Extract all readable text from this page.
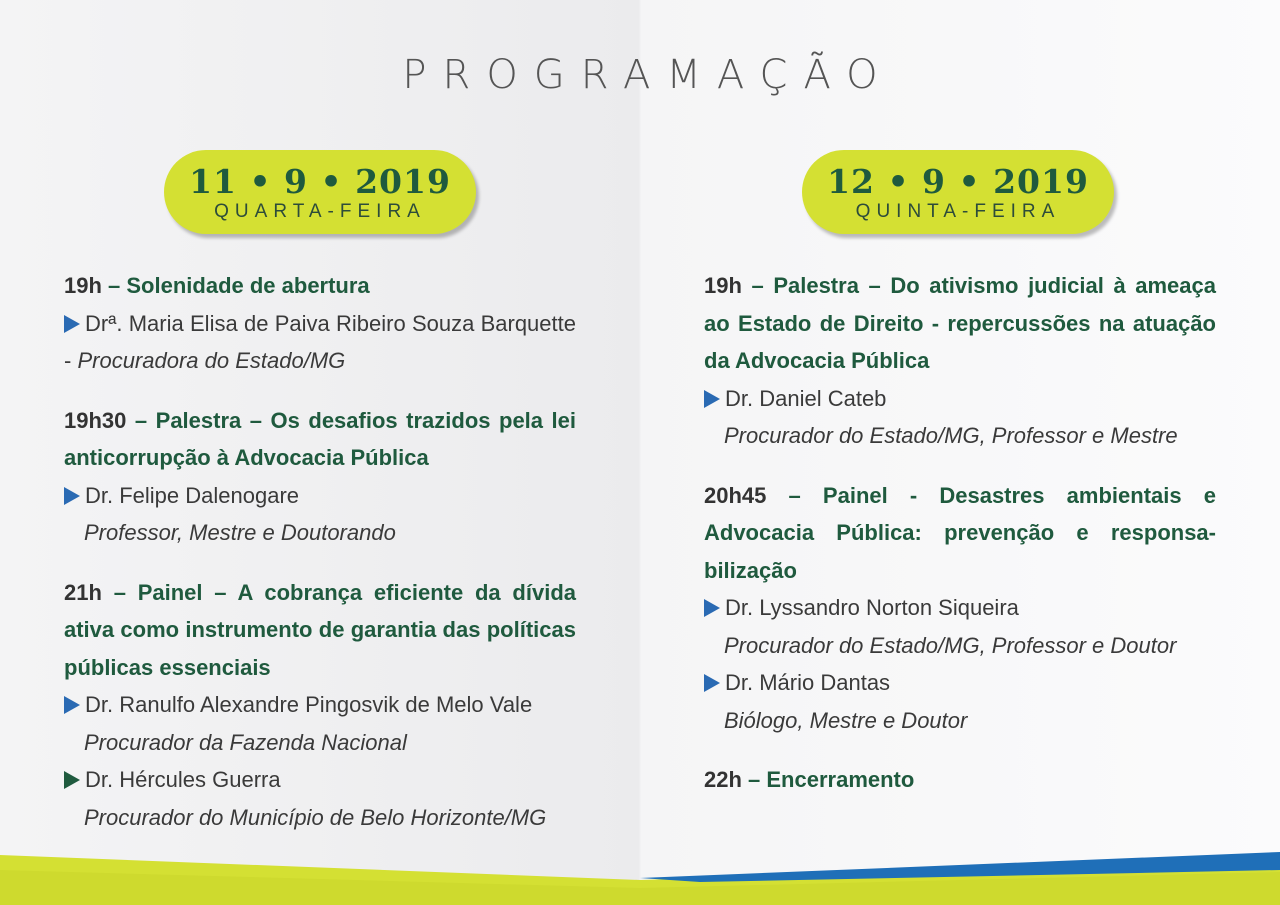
PROGRAMAÇÃO
11 • 9 • 2019
QUARTA-FEIRA
12 • 9 • 2019
QUINTA-FEIRA
19h – Solenidade de abertura
Drª. Maria Elisa de Paiva Ribeiro Souza Barquette - Procuradora do Estado/MG
19h30 – Palestra – Os desafios trazidos pela lei anticorrupção à Advocacia Pública
Dr. Felipe Dalenogare
Professor, Mestre e Doutorando
21h – Painel – A cobrança eficiente da dívida ativa como instrumento de garantia das políticas públicas essenciais
Dr. Ranulfo Alexandre Pingosvik de Melo Vale
Procurador da Fazenda Nacional
Dr. Hércules Guerra
Procurador do Município de Belo Horizonte/MG
19h – Palestra – Do ativismo judicial à ameaça ao Estado de Direito - repercussões na atuação da Advocacia Pública
Dr. Daniel Cateb
Procurador do Estado/MG, Professor e Mestre
20h45 – Painel - Desastres ambientais e Advocacia Pública: prevenção e responsa-bilização
Dr. Lyssandro Norton Siqueira
Procurador do Estado/MG, Professor e Doutor
Dr. Mário Dantas
Biólogo, Mestre e Doutor
22h – Encerramento
